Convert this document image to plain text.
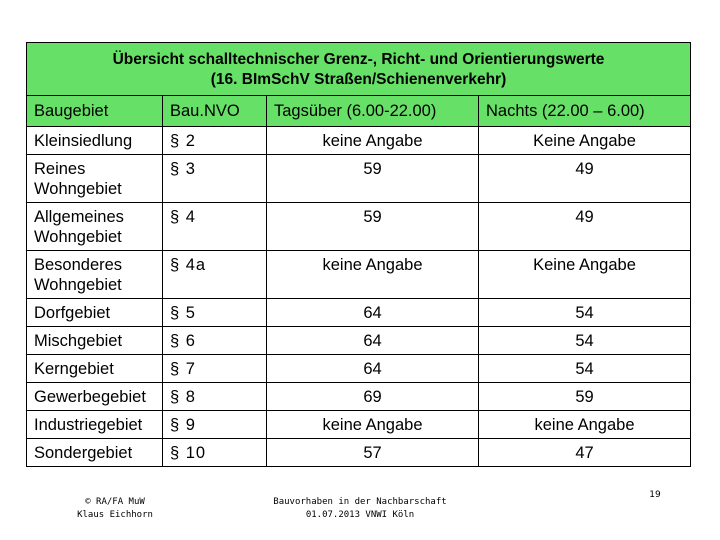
Übersicht schalltechnischer Grenz-, Richt- und Orientierungswerte
(16. BImSchV Straßen/Schienenverkehr)			

Baugebiet	Bau.NVO	Tagsüber (6.00-22.00)	Nachts (22.00 – 6.00)
Kleinsiedlung	§ 2	keine Angabe	Keine Angabe
Reines Wohngebiet	§ 3	59	49
Allgemeines Wohngebiet	§ 4	59	49
Besonderes Wohngebiet	§ 4a	keine Angabe	Keine Angabe
Dorfgebiet	§ 5	64	54
Mischgebiet	§ 6	64	54
Kerngebiet	§ 7	64	54
Gewerbegebiet	§ 8	69	59
Industriegebiet	§ 9	keine Angabe	keine Angabe
Sondergebiet	§ 10	57	47
© RA/FA MuW
Klaus Eichhorn
Bauvorhaben in der Nachbarschaft
01.07.2013 VNWI Köln
19
